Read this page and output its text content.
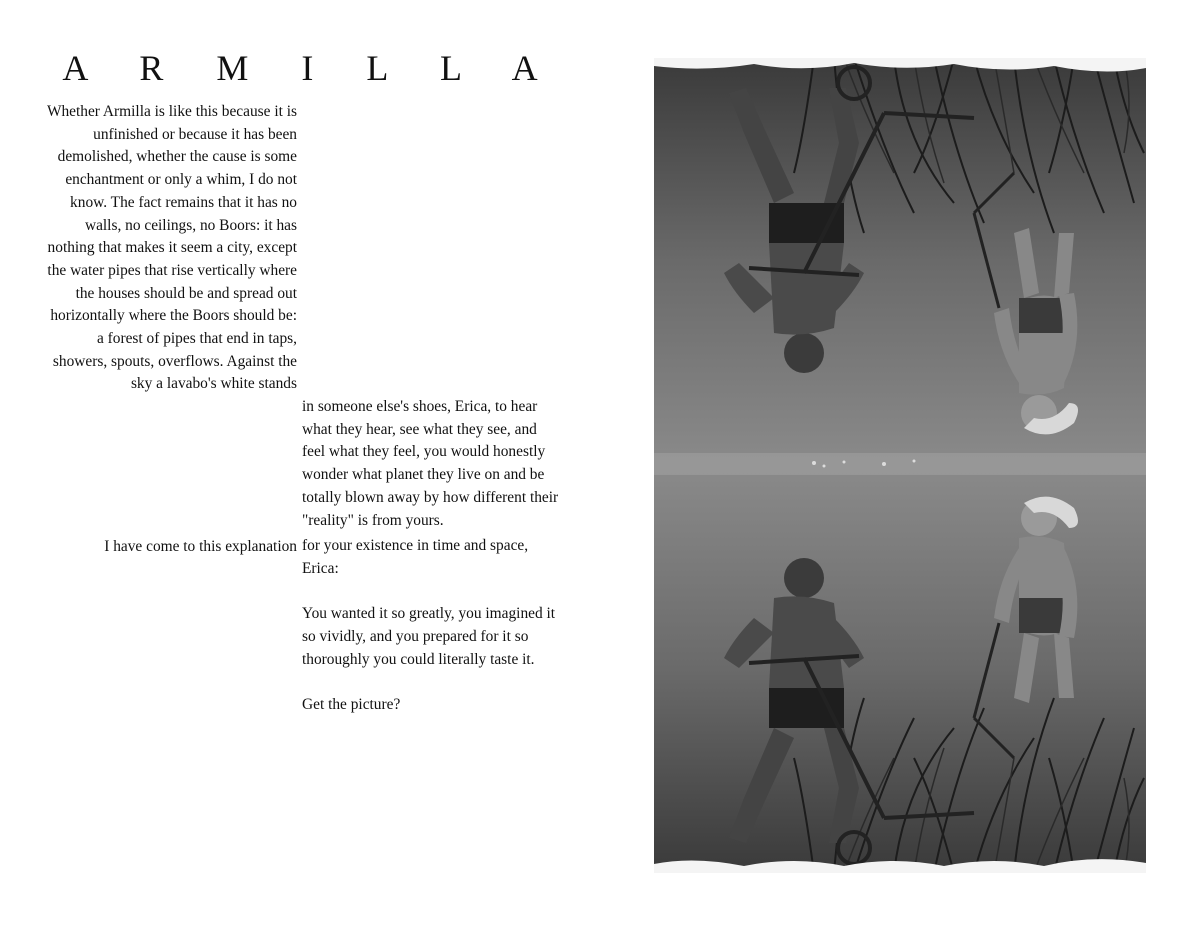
A R M I L L A

Whether Armilla is like this because it is unfinished or because it has been demolished, whether the cause is some enchantment or only a whim, I do not know. The fact remains that it has no walls, no ceilings, no Boors: it has nothing that makes it seem a city, except the water pipes that rise vertically where the houses should be and spread out horizontally where the Boors should be: a forest of pipes that end in taps, showers, spouts, overflows. Against the sky a lavabo's white stands

I have come to this explanation

in someone else's shoes, Erica, to hear what they hear, see what they see, and feel what they feel, you would honestly wonder what planet they live on and be totally blown away by how different their "reality" is from yours.

for your existence in time and space, Erica:

You wanted it so greatly, you imagined it so vividly, and you prepared for it so thoroughly you could literally taste it.

Get the picture?
